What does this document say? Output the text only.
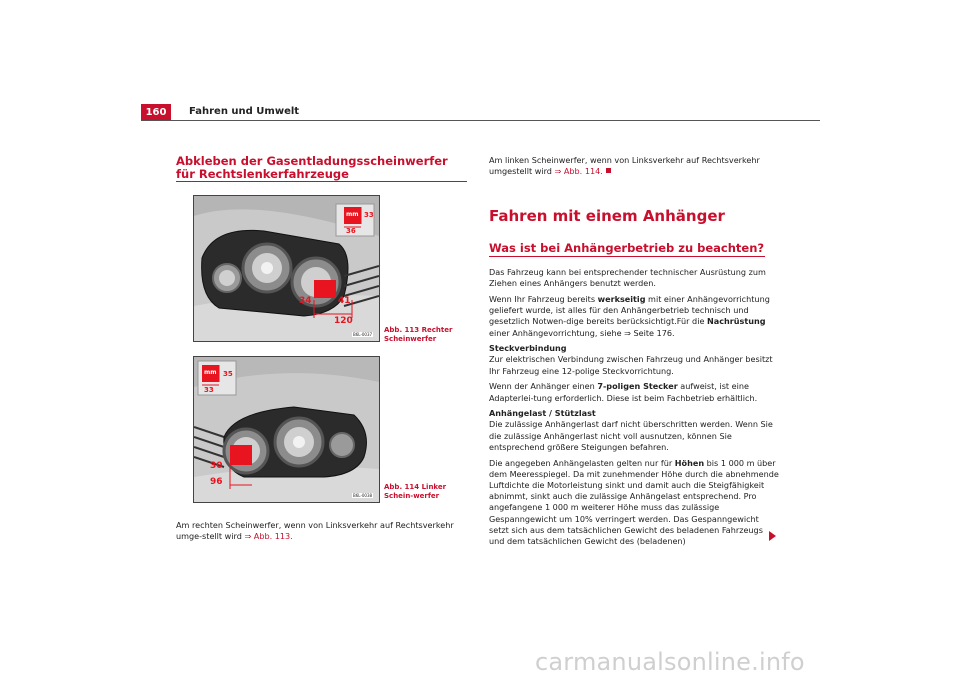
160	Fahren und Umwelt
Abkleben der Gasentladungsscheinwerfer für Rechtslenkerfahrzeuge
mm 33
36
34	41
120
B6L-0037
Abb. 113 Rechter Scheinwerfer
mm 35
33
30
96
B6L-0038
Abb. 114 Linker Schein-werfer
Am rechten Scheinwerfer, wenn von Linksverkehr auf Rechtsverkehr umge-stellt wird ⇒ Abb. 113.
Am linken Scheinwerfer, wenn von Linksverkehr auf Rechtsverkehr umgestellt wird ⇒ Abb. 114.
Fahren mit einem Anhänger
Was ist bei Anhängerbetrieb zu beachten?

Das Fahrzeug kann bei entsprechender technischer Ausrüstung zum Ziehen eines Anhängers benutzt werden.

Wenn Ihr Fahrzeug bereits werkseitig mit einer Anhängevorrichtung geliefert wurde, ist alles für den Anhängerbetrieb technisch und gesetzlich Notwen-dige bereits berücksichtigt.Für die Nachrüstung einer Anhängevorrichtung, siehe ⇒ Seite 176.

Steckverbindung
Zur elektrischen Verbindung zwischen Fahrzeug und Anhänger besitzt Ihr Fahrzeug eine 12-polige Steckvorrichtung.

Wenn der Anhänger einen 7-poligen Stecker aufweist, ist eine Adapterlei-tung erforderlich. Diese ist beim Fachbetrieb erhältlich.

Anhängelast / Stützlast
Die zulässige Anhängerlast darf nicht überschritten werden. Wenn Sie die zulässige Anhängerlast nicht voll ausnutzen, können Sie entsprechend größere Steigungen befahren.

Die angegeben Anhängelasten gelten nur für Höhen bis 1 000 m über dem Meeresspiegel. Da mit zunehmender Höhe durch die abnehmende Luftdichte die Motorleistung sinkt und damit auch die Steigfähigkeit abnimmt, sinkt auch die zulässige Anhängelast entsprechend. Pro angefangene 1 000 m weiterer Höhe muss das zulässige Gespanngewicht um 10% verringert werden. Das Gespanngewicht setzt sich aus dem tatsächlichen Gewicht des beladenen Fahrzeugs und dem tatsächlichen Gewicht des (beladenen)

carmanualsonline.info
